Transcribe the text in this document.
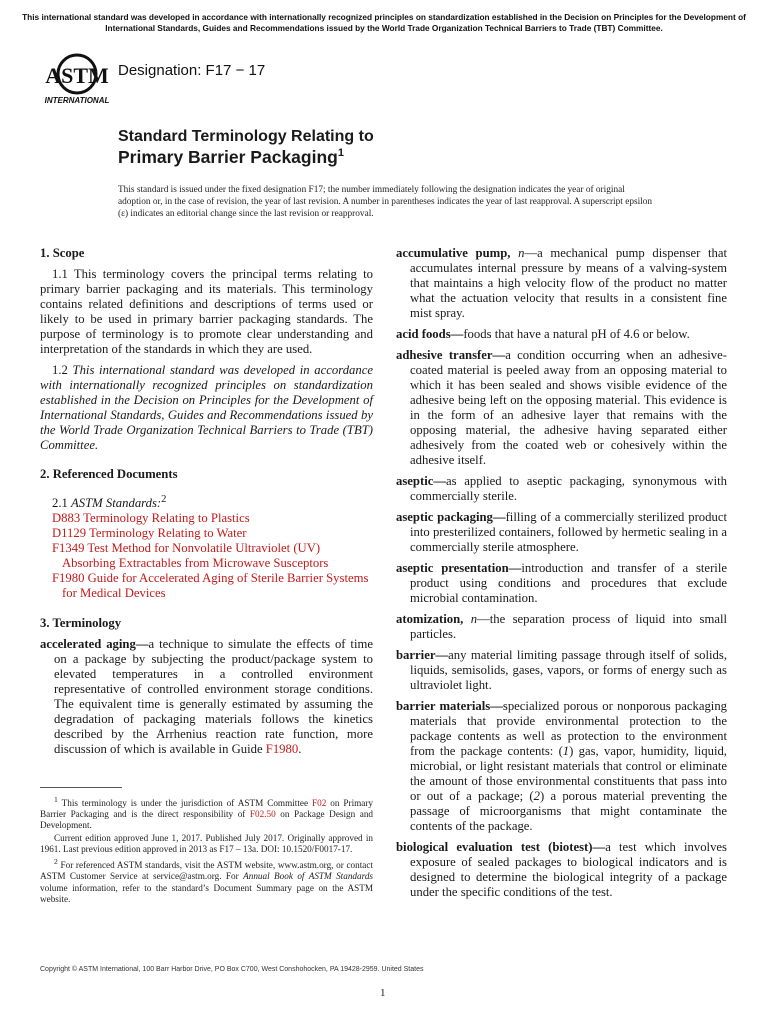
This international standard was developed in accordance with internationally recognized principles on standardization established in the Decision on Principles for the Development of International Standards, Guides and Recommendations issued by the World Trade Organization Technical Barriers to Trade (TBT) Committee.
ASTM
INTERNATIONAL
Designation: F17 − 17
Standard Terminology Relating to
Primary Barrier Packaging$^1$
This standard is issued under the fixed designation F17; the number immediately following the designation indicates the year of original adoption or, in the case of revision, the year of last revision. A number in parentheses indicates the year of last reapproval. A superscript epsilon (ε) indicates an editorial change since the last revision or reapproval.
1. Scope

1.1 This terminology covers the principal terms relating to primary barrier packaging and its materials. This terminology contains related definitions and descriptions of terms used or likely to be used in primary barrier packaging standards. The purpose of terminology is to promote clear understanding and interpretation of the standards in which they are used.

1.2 This international standard was developed in accordance with internationally recognized principles on standardization established in the Decision on Principles for the Development of International Standards, Guides and Recommendations issued by the World Trade Organization Technical Barriers to Trade (TBT) Committee.

2. Referenced Documents
2.1 ASTM Standards:$^2$
D883 Terminology Relating to Plastics
D1129 Terminology Relating to Water
F1349 Test Method for Nonvolatile Ultraviolet (UV) Absorbing Extractables from Microwave Susceptors
F1980 Guide for Accelerated Aging of Sterile Barrier Systems for Medical Devices
3. Terminology

accelerated aging—a technique to simulate the effects of time on a package by subjecting the product/package system to elevated temperatures in a controlled environment representative of controlled environment storage conditions. The equivalent time is generally estimated by assuming the degradation of packaging materials follows the kinetics described by the Arrhenius reaction rate function, more discussion of which is available in Guide F1980.

$^1$ This terminology is under the jurisdiction of ASTM Committee F02 on Primary Barrier Packaging and is the direct responsibility of F02.50 on Package Design and Development.

Current edition approved June 1, 2017. Published July 2017. Originally approved in 1961. Last previous edition approved in 2013 as F17 – 13a. DOI: 10.1520/F0017-17.

$^2$ For referenced ASTM standards, visit the ASTM website, www.astm.org, or contact ASTM Customer Service at service@astm.org. For Annual Book of ASTM Standards volume information, refer to the standard’s Document Summary page on the ASTM website.

accumulative pump, n—a mechanical pump dispenser that accumulates internal pressure by means of a valving-system that maintains a high velocity flow of the product no matter what the actuation velocity that results in a consistent fine mist spray.

acid foods—foods that have a natural pH of 4.6 or below.

adhesive transfer—a condition occurring when an adhesive-coated material is peeled away from an opposing material to which it has been sealed and shows visible evidence of the adhesive being left on the opposing material. This evidence is in the form of an adhesive layer that remains with the opposing material, the adhesive having separated either adhesively from the coated web or cohesively within the adhesive itself.

aseptic—as applied to aseptic packaging, synonymous with commercially sterile.

aseptic packaging—filling of a commercially sterilized product into presterilized containers, followed by hermetic sealing in a commercially sterile atmosphere.

aseptic presentation—introduction and transfer of a sterile product using conditions and procedures that exclude microbial contamination.

atomization, n—the separation process of liquid into small particles.

barrier—any material limiting passage through itself of solids, liquids, semisolids, gases, vapors, or forms of energy such as ultraviolet light.

barrier materials—specialized porous or nonporous packaging materials that provide environmental protection to the package contents as well as protection to the environment from the package contents: (1) gas, vapor, humidity, liquid, microbial, or light resistant materials that control or eliminate the amount of those environmental constituents that pass into or out of a package; (2) a porous material preventing the passage of microorganisms that might contaminate the contents of the package.

biological evaluation test (biotest)—a test which involves exposure of sealed packages to biological indicators and is designed to determine the biological integrity of a package under the specific conditions of the test.

Copyright © ASTM International, 100 Barr Harbor Drive, PO Box C700, West Conshohocken, PA 19428-2959. United States
1
